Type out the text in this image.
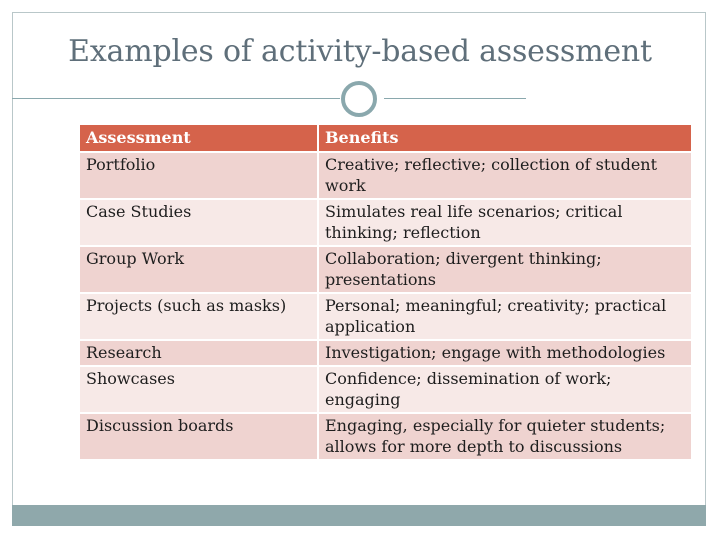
Examples of activity-based assessment
Assessment	Benefits
Portfolio	Creative; reflective; collection of student work
Case Studies	Simulates real life scenarios; critical thinking; reflection
Group Work	Collaboration; divergent thinking; presentations
Projects (such as masks)	Personal; meaningful; creativity; practical application
Research	Investigation; engage with methodologies
Showcases	Confidence; dissemination of work; engaging
Discussion boards	Engaging, especially for quieter students; allows for more depth to discussions
